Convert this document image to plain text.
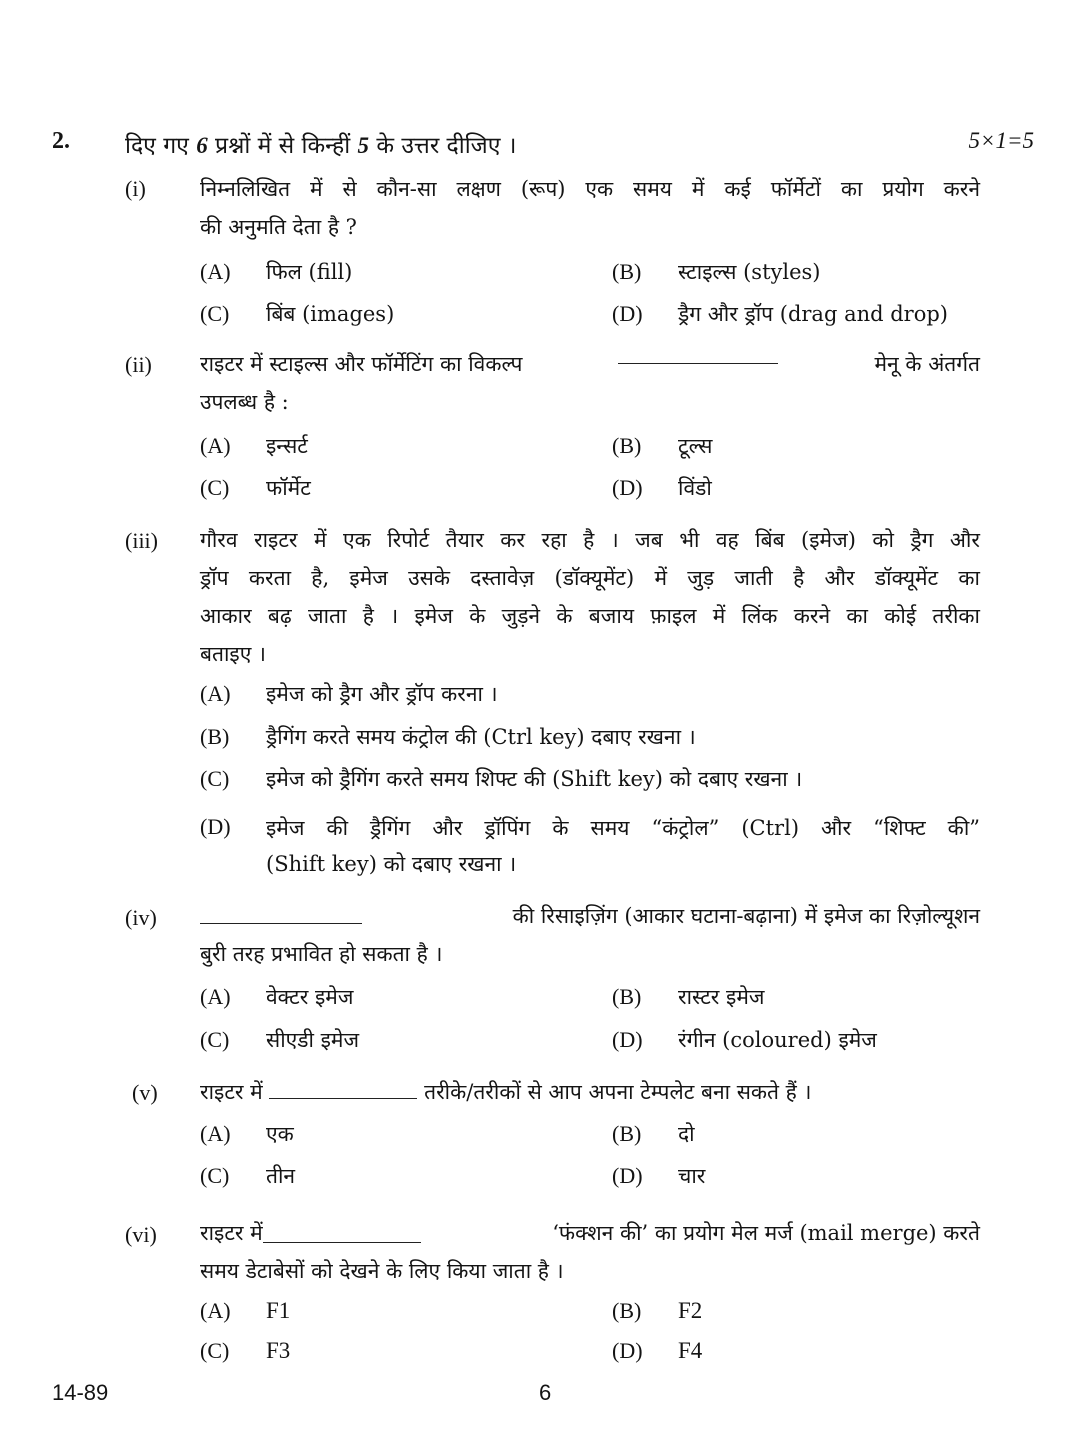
2. दिए गए 6 प्रश्नों में से किन्हीं 5 के उत्तर दीजिए ।	5×1=5
(i)	निम्नलिखित में से कौन-सा लक्षण (रूप) एक समय में कई फॉर्मेटों का प्रयोग करने
की अनुमति देता है ?
(A) फिल (fill)	(B) स्टाइल्स (styles)
(C) बिंब (images)	(D) ड्रैग और ड्रॉप (drag and drop)
(ii) राइटर में स्टाइल्स और फॉर्मेटिंग का विकल्प	मेनू के अंतर्गत
उपलब्ध है :
(A) इन्सर्ट	(B) टूल्स
(C) फॉर्मेट	(D) विंडो
(iii) गौरव राइटर में एक रिपोर्ट तैयार कर रहा है । जब भी वह बिंब (इमेज) को ड्रैग और
ड्रॉप करता है, इमेज उसके दस्तावेज़ (डॉक्यूमेंट) में जुड़ जाती है और डॉक्यूमेंट का
आकार बढ़ जाता है । इमेज के जुड़ने के बजाय फ़ाइल में लिंक करने का कोई तरीका
बताइए ।
(A) इमेज को ड्रैग और ड्रॉप करना ।
(B) ड्रैगिंग करते समय कंट्रोल की (Ctrl key) दबाए रखना ।
(C) इमेज को ड्रैगिंग करते समय शिफ्ट की (Shift key) को दबाए रखना ।
(D)	इमेज की ड्रैगिंग और ड्रॉपिंग के समय “कंट्रोल” (Ctrl) और “शिफ्ट की”
(Shift key) को दबाए रखना ।
(iv)	की रिसाइज़िंग (आकार घटाना-बढ़ाना) में इमेज का रिज़ोल्यूशन
बुरी तरह प्रभावित हो सकता है ।
(A) वेक्टर इमेज	(B) रास्टर इमेज
(C) सीएडी इमेज	(D) रंगीन (coloured) इमेज
(v) राइटर में	तरीके/तरीकों से आप अपना टेम्पलेट बना सकते हैं ।
(A) एक	(B) दो
(C) तीन	(D) चार
(vi) राइटर में	‘फंक्शन की’ का प्रयोग मेल मर्ज (mail merge) करते
समय डेटाबेसों को देखने के लिए किया जाता है ।
(A) F1	(B) F2
(C) F3	(D) F4
14-89	6
